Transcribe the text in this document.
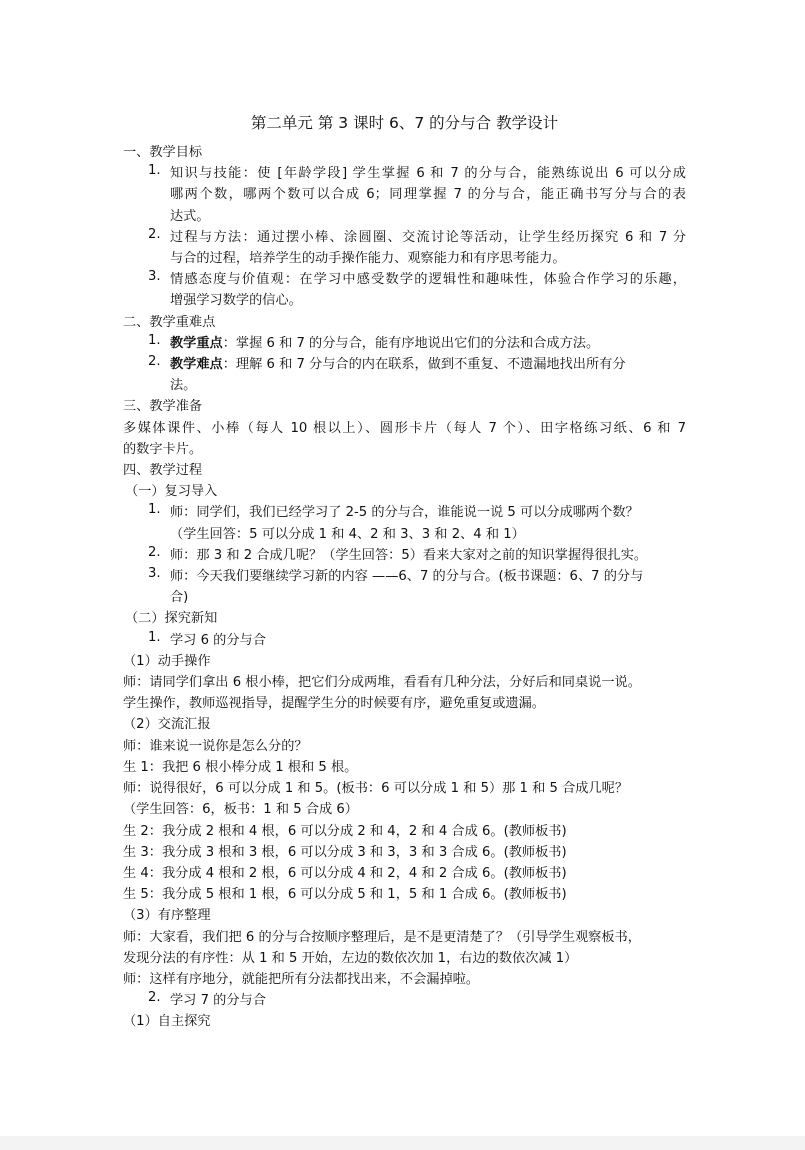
第二单元 第 3 课时 6、7 的分与合 教学设计
一、教学目标
1. 知识与技能：使 [年龄学段] 学生掌握 6 和 7 的分与合，能熟练说出 6 可以分成
哪两个数，哪两个数可以合成 6；同理掌握 7 的分与合，能正确书写分与合的表
达式。
2. 过程与方法：通过摆小棒、涂圆圈、交流讨论等活动，让学生经历探究 6 和 7 分
与合的过程，培养学生的动手操作能力、观察能力和有序思考能力。
3. 情感态度与价值观：在学习中感受数学的逻辑性和趣味性，体验合作学习的乐趣，
增强学习数学的信心。
二、教学重难点
1. 教学重点：掌握 6 和 7 的分与合，能有序地说出它们的分法和合成方法。
2. 教学难点：理解 6 和 7 分与合的内在联系，做到不重复、不遗漏地找出所有分
法。
三、教学准备
多媒体课件、小棒（每人 10 根以上）、圆形卡片（每人 7 个）、田字格练习纸、6 和 7
的数字卡片。
四、教学过程
（一）复习导入
1. 师：同学们，我们已经学习了 2-5 的分与合，谁能说一说 5 可以分成哪两个数？
（学生回答：5 可以分成 1 和 4、2 和 3、3 和 2、4 和 1）
2. 师：那 3 和 2 合成几呢？（学生回答：5）看来大家对之前的知识掌握得很扎实。
3. 师：今天我们要继续学习新的内容 ——6、7 的分与合。(板书课题：6、7 的分与
合)
（二）探究新知
1. 学习 6 的分与合
（1）动手操作
师：请同学们拿出 6 根小棒，把它们分成两堆，看看有几种分法，分好后和同桌说一说。
学生操作，教师巡视指导，提醒学生分的时候要有序，避免重复或遗漏。
（2）交流汇报
师：谁来说一说你是怎么分的？
生 1：我把 6 根小棒分成 1 根和 5 根。
师：说得很好，6 可以分成 1 和 5。(板书：6 可以分成 1 和 5）那 1 和 5 合成几呢？
（学生回答：6，板书：1 和 5 合成 6）
生 2：我分成 2 根和 4 根，6 可以分成 2 和 4，2 和 4 合成 6。(教师板书)
生 3：我分成 3 根和 3 根，6 可以分成 3 和 3，3 和 3 合成 6。(教师板书)
生 4：我分成 4 根和 2 根，6 可以分成 4 和 2，4 和 2 合成 6。(教师板书)
生 5：我分成 5 根和 1 根，6 可以分成 5 和 1，5 和 1 合成 6。(教师板书)
（3）有序整理
师：大家看，我们把 6 的分与合按顺序整理后，是不是更清楚了？（引导学生观察板书，
发现分法的有序性：从 1 和 5 开始，左边的数依次加 1，右边的数依次减 1）
师：这样有序地分，就能把所有分法都找出来，不会漏掉啦。
2. 学习 7 的分与合
（1）自主探究
